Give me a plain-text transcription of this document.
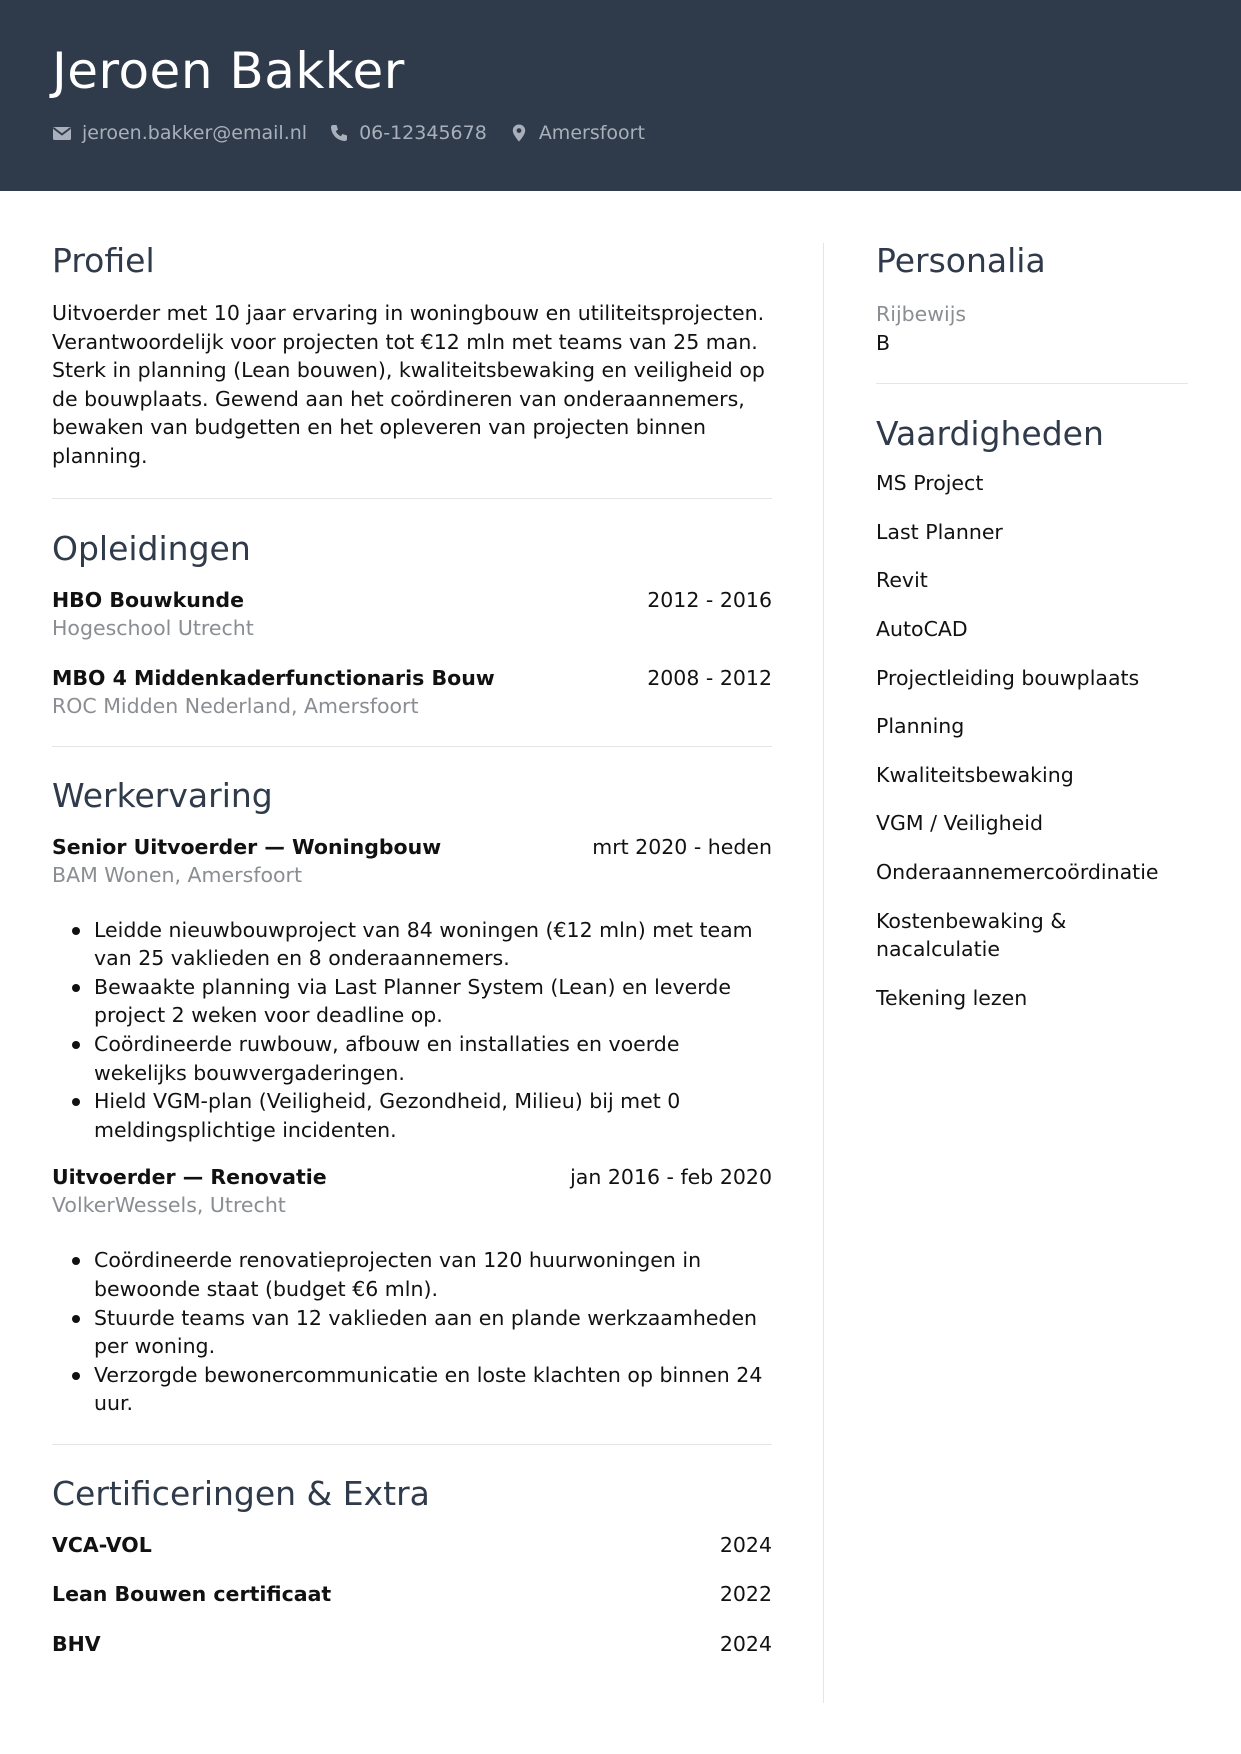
Jeroen Bakker
jeroen.bakker@email.nl	06-12345678	Amersfoort
Profiel

Uitvoerder met 10 jaar ervaring in woningbouw en utiliteitsprojecten. Verantwoordelijk voor projecten tot €12 mln met teams van 25 man. Sterk in planning (Lean bouwen), kwaliteitsbewaking en veiligheid op de bouwplaats. Gewend aan het coördineren van onderaannemers, bewaken van budgetten en het opleveren van projecten binnen planning.

Opleidingen
HBO Bouwkunde	2012 - 2016
Hogeschool Utrecht
MBO 4 Middenkaderfunctionaris Bouw	2008 - 2012
ROC Midden Nederland, Amersfoort
Werkervaring
Senior Uitvoerder — Woningbouw	mrt 2020 - heden
BAM Wonen, Amersfoort
Leidde nieuwbouwproject van 84 woningen (€12 mln) met team van 25 vaklieden en 8 onderaannemers.
Bewaakte planning via Last Planner System (Lean) en leverde project 2 weken voor deadline op.
Coördineerde ruwbouw, afbouw en installaties en voerde wekelijks bouwvergaderingen.
Hield VGM-plan (Veiligheid, Gezondheid, Milieu) bij met 0 meldingsplichtige incidenten.
Uitvoerder — Renovatie	jan 2016 - feb 2020
VolkerWessels, Utrecht
Coördineerde renovatieprojecten van 120 huurwoningen in bewoonde staat (budget €6 mln).
Stuurde teams van 12 vaklieden aan en plande werkzaamheden per woning.
Verzorgde bewonercommunicatie en loste klachten op binnen 24 uur.
Certificeringen & Extra
VCA-VOL	2024
Lean Bouwen certificaat	2022
BHV	2024
Personalia
Rijbewijs
B
Vaardigheden
MS Project
Last Planner
Revit
AutoCAD
Projectleiding bouwplaats
Planning
Kwaliteitsbewaking
VGM / Veiligheid
Onderaannemercoördinatie
Kostenbewaking & nacalculatie
Tekening lezen
